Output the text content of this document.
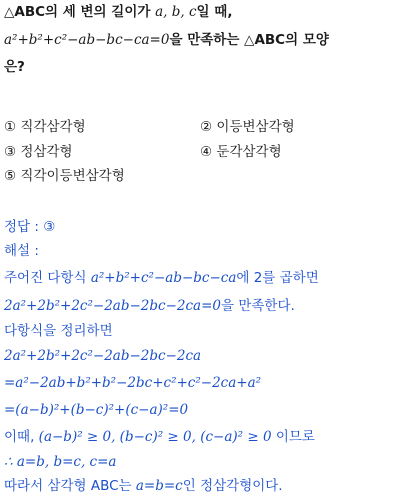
△ABC의 세 변의 길이가 a, b, c일 때,
a²+b²+c²−ab−bc−ca=0을 만족하는 △ABC의 모양
은?
① 직각삼각형	② 이등변삼각형
③ 정삼각형	④ 둔각삼각형
⑤ 직각이등변삼각형
정답 : ③
해설 :
주어진 다항식 a²+b²+c²−ab−bc−ca에 2를 곱하면
2a²+2b²+2c²−2ab−2bc−2ca=0을 만족한다.
다항식을 정리하면
2a²+2b²+2c²−2ab−2bc−2ca
=a²−2ab+b²+b²−2bc+c²+c²−2ca+a²
=(a−b)²+(b−c)²+(c−a)²=0
이때, (a−b)² ≥ 0, (b−c)² ≥ 0, (c−a)² ≥ 0 이므로
∴ a=b, b=c, c=a
따라서 삼각형 ABC는 a=b=c인 정삼각형이다.
